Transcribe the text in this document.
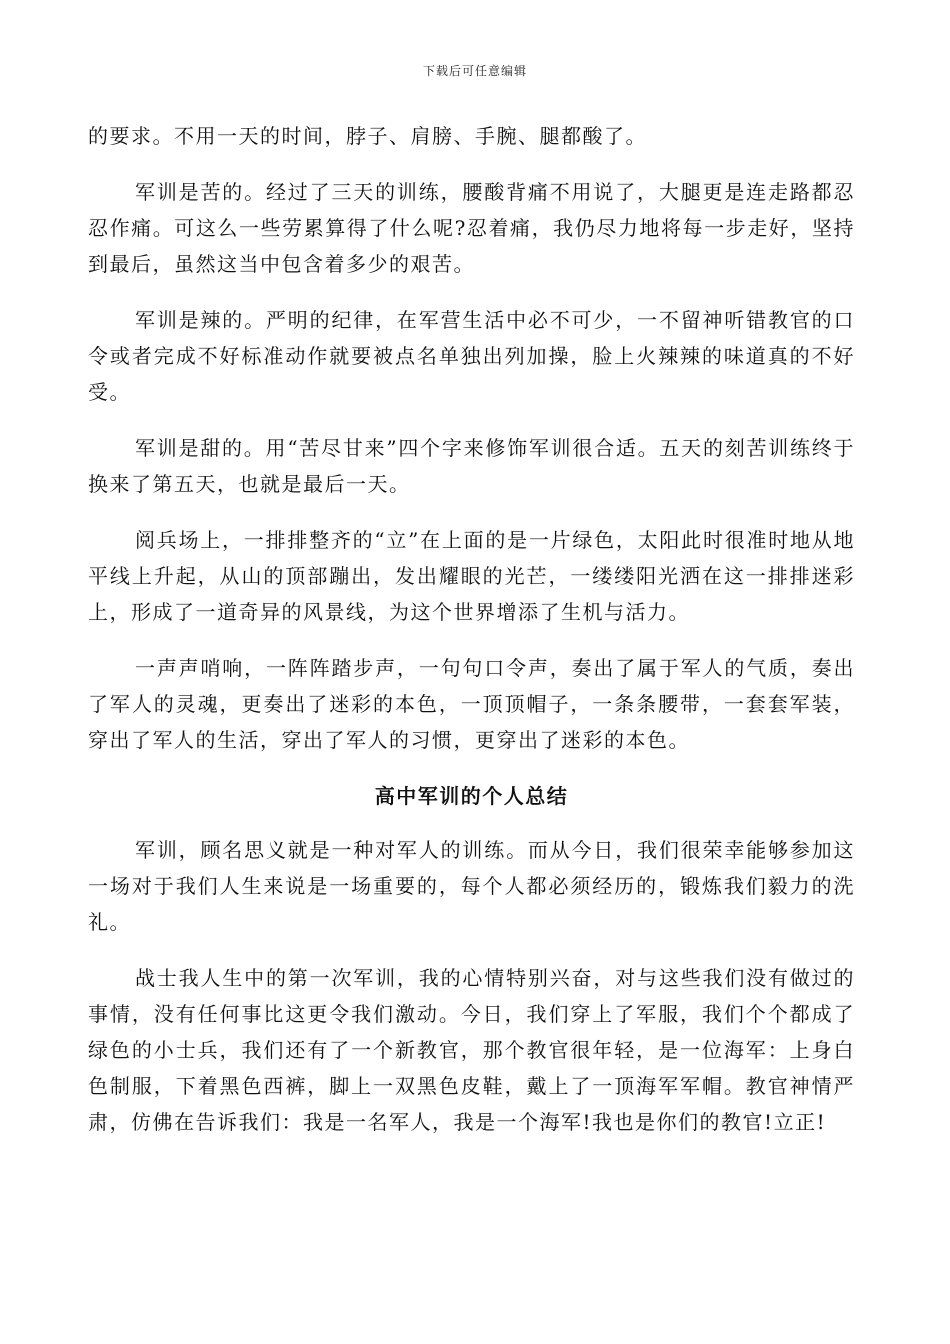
下载后可任意编辑

的要求。不用一天的时间，脖子、肩膀、手腕、腿都酸了。

军训是苦的。经过了三天的训练，腰酸背痛不用说了，大腿更是连走路都忍忍作痛。可这么一些劳累算得了什么呢?忍着痛，我仍尽力地将每一步走好，坚持到最后，虽然这当中包含着多少的艰苦。

军训是辣的。严明的纪律，在军营生活中必不可少，一不留神听错教官的口令或者完成不好标准动作就要被点名单独出列加操，脸上火辣辣的味道真的不好受。

军训是甜的。用“苦尽甘来”四个字来修饰军训很合适。五天的刻苦训练终于换来了第五天，也就是最后一天。

阅兵场上，一排排整齐的“立”在上面的是一片绿色，太阳此时很准时地从地平线上升起，从山的顶部蹦出，发出耀眼的光芒，一缕缕阳光洒在这一排排迷彩上，形成了一道奇异的风景线，为这个世界增添了生机与活力。

一声声哨响，一阵阵踏步声，一句句口令声，奏出了属于军人的气质，奏出了军人的灵魂，更奏出了迷彩的本色，一顶顶帽子，一条条腰带，一套套军装，穿出了军人的生活，穿出了军人的习惯，更穿出了迷彩的本色。

高中军训的个人总结

军训，顾名思义就是一种对军人的训练。而从今日，我们很荣幸能够参加这一场对于我们人生来说是一场重要的，每个人都必须经历的，锻炼我们毅力的洗礼。

战士我人生中的第一次军训，我的心情特别兴奋，对与这些我们没有做过的事情，没有任何事比这更令我们激动。今日，我们穿上了军服，我们个个都成了绿色的小士兵，我们还有了一个新教官，那个教官很年轻，是一位海军：上身白色制服，下着黑色西裤，脚上一双黑色皮鞋，戴上了一顶海军军帽。教官神情严肃，仿佛在告诉我们：我是一名军人，我是一个海军!我也是你们的教官!立正!
